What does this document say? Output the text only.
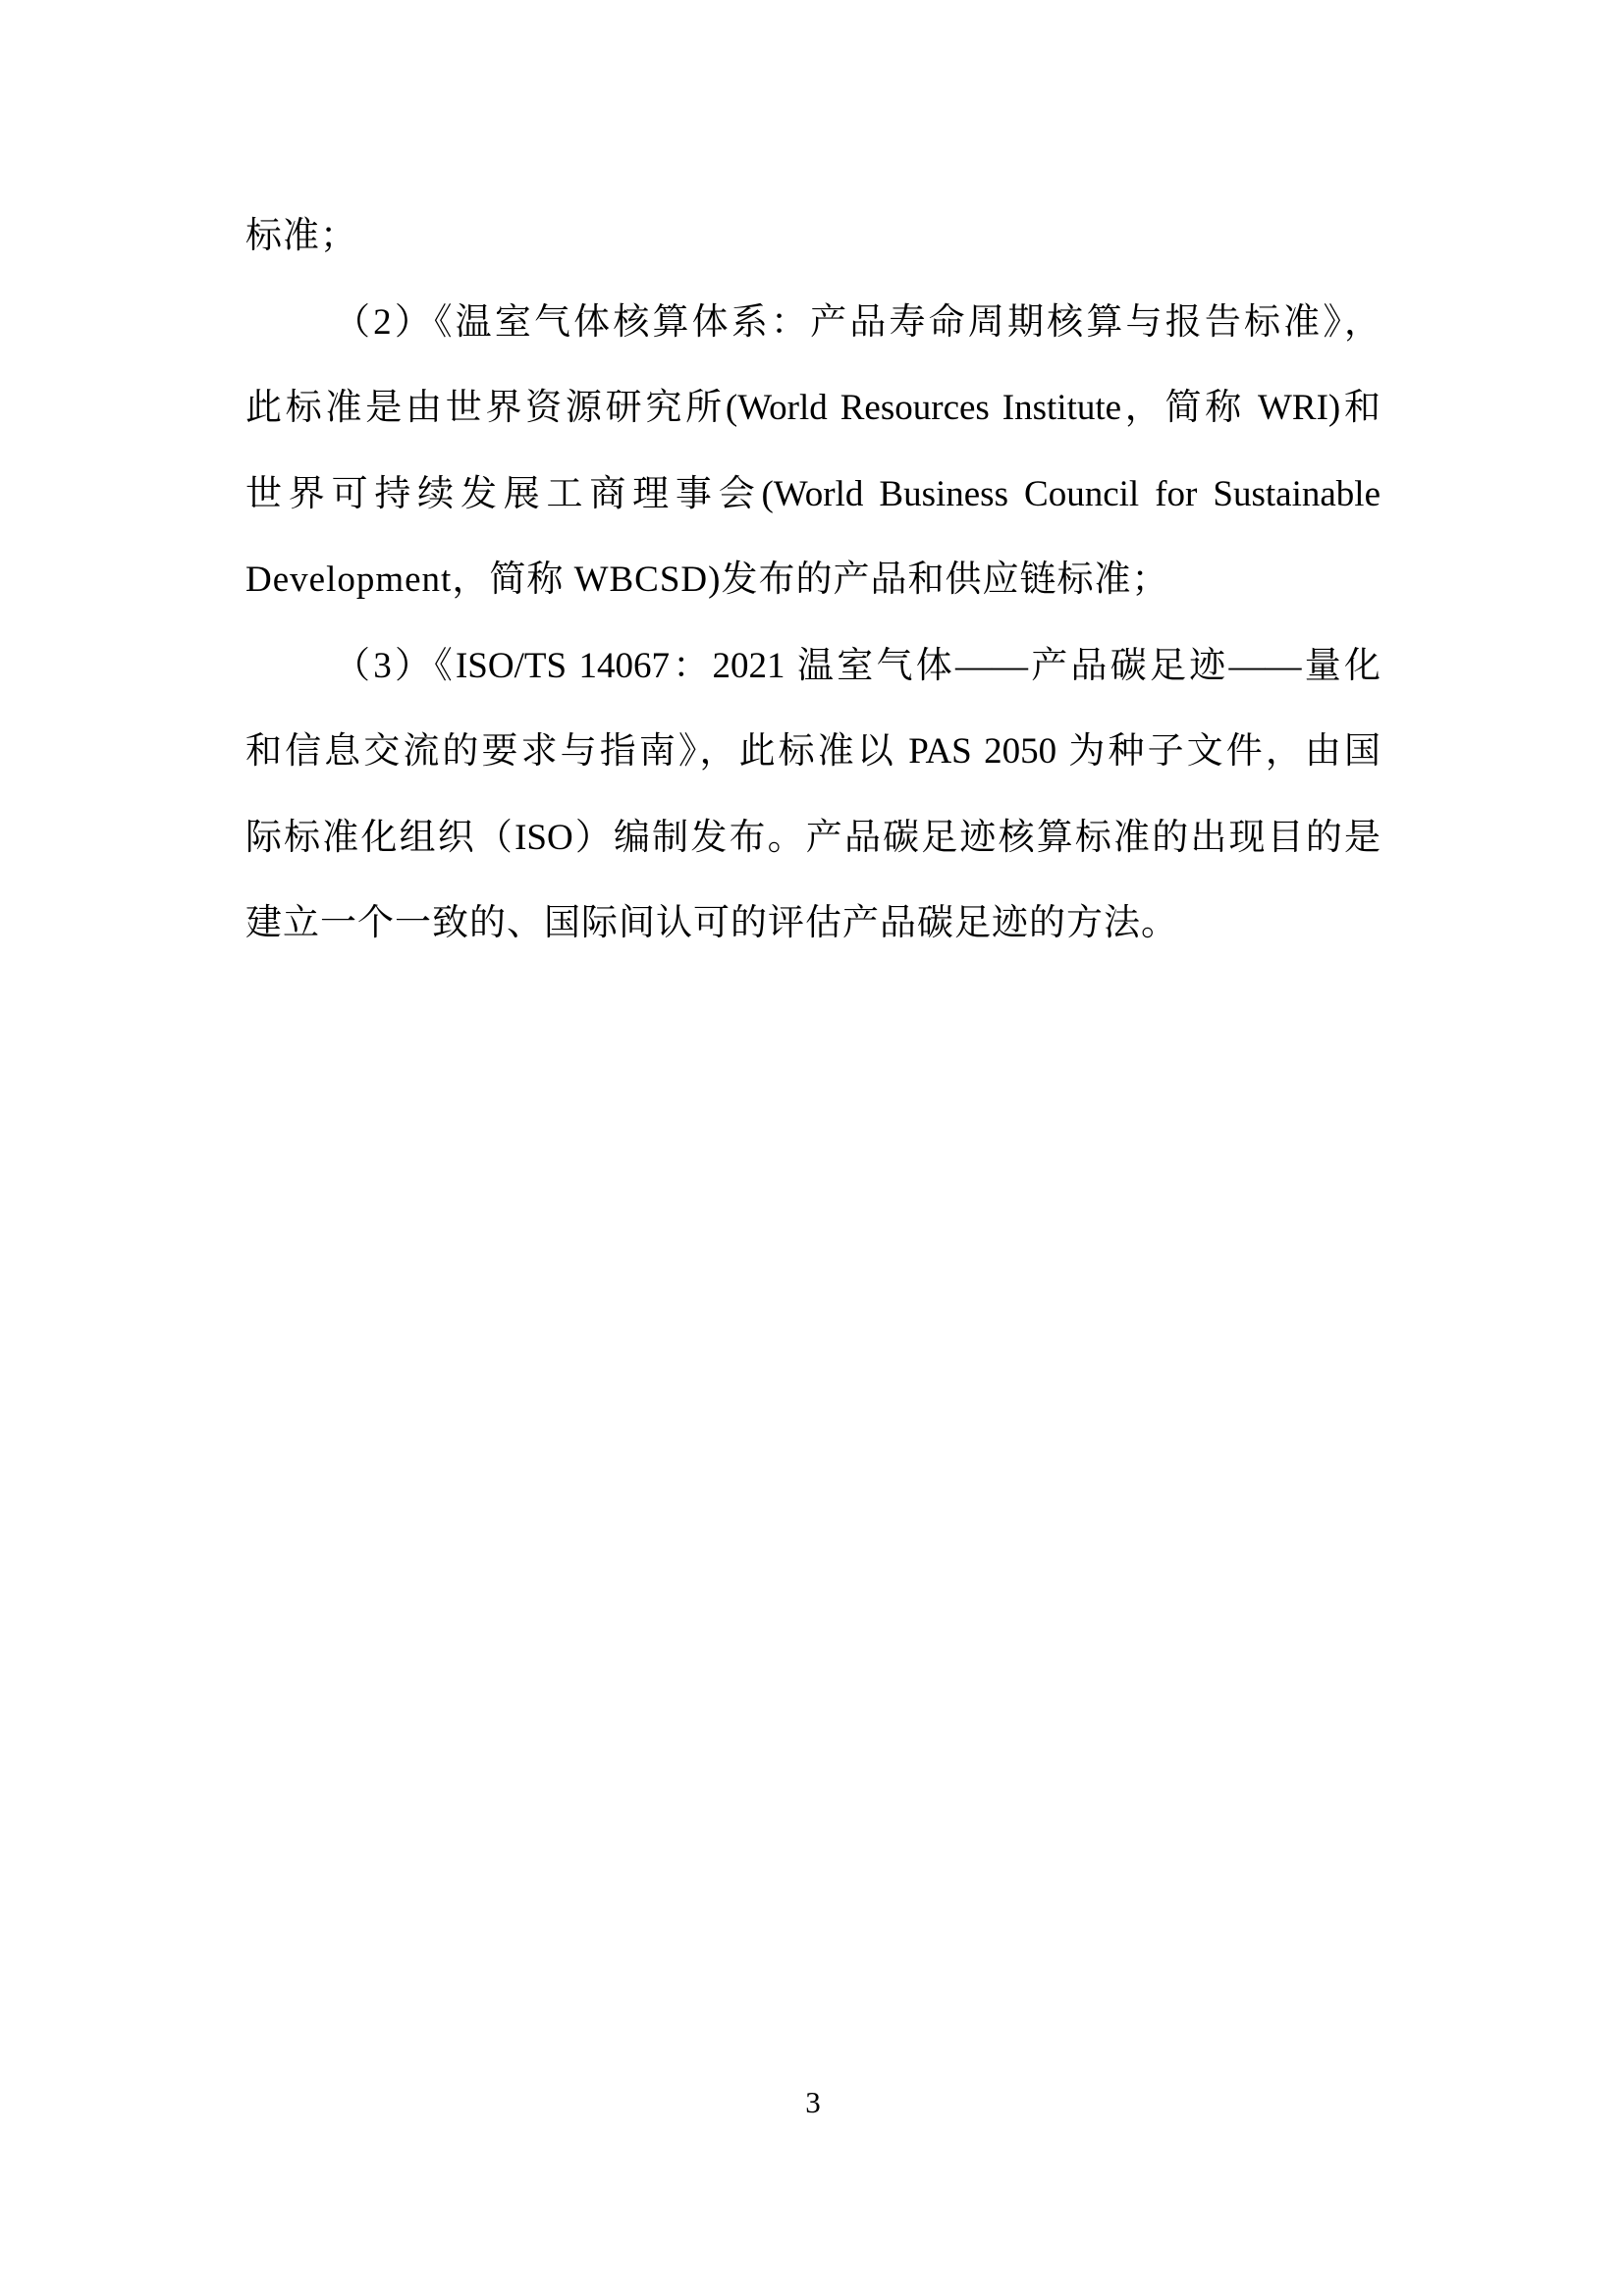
标准；

（2）《温室气体核算体系：产品寿命周期核算与报告标准》，

此标准是由世界资源研究所(World Resources Institute，简称 WRI)和

世界可持续发展工商理事会(World Business Council for Sustainable

Development，简称 WBCSD)发布的产品和供应链标准；

（3）《ISO/TS 14067：2021 温室气体——产品碳足迹——量化

和信息交流的要求与指南》，此标准以 PAS 2050 为种子文件，由国

际标准化组织（ISO）编制发布。产品碳足迹核算标准的出现目的是

建立一个一致的、国际间认可的评估产品碳足迹的方法。

3
